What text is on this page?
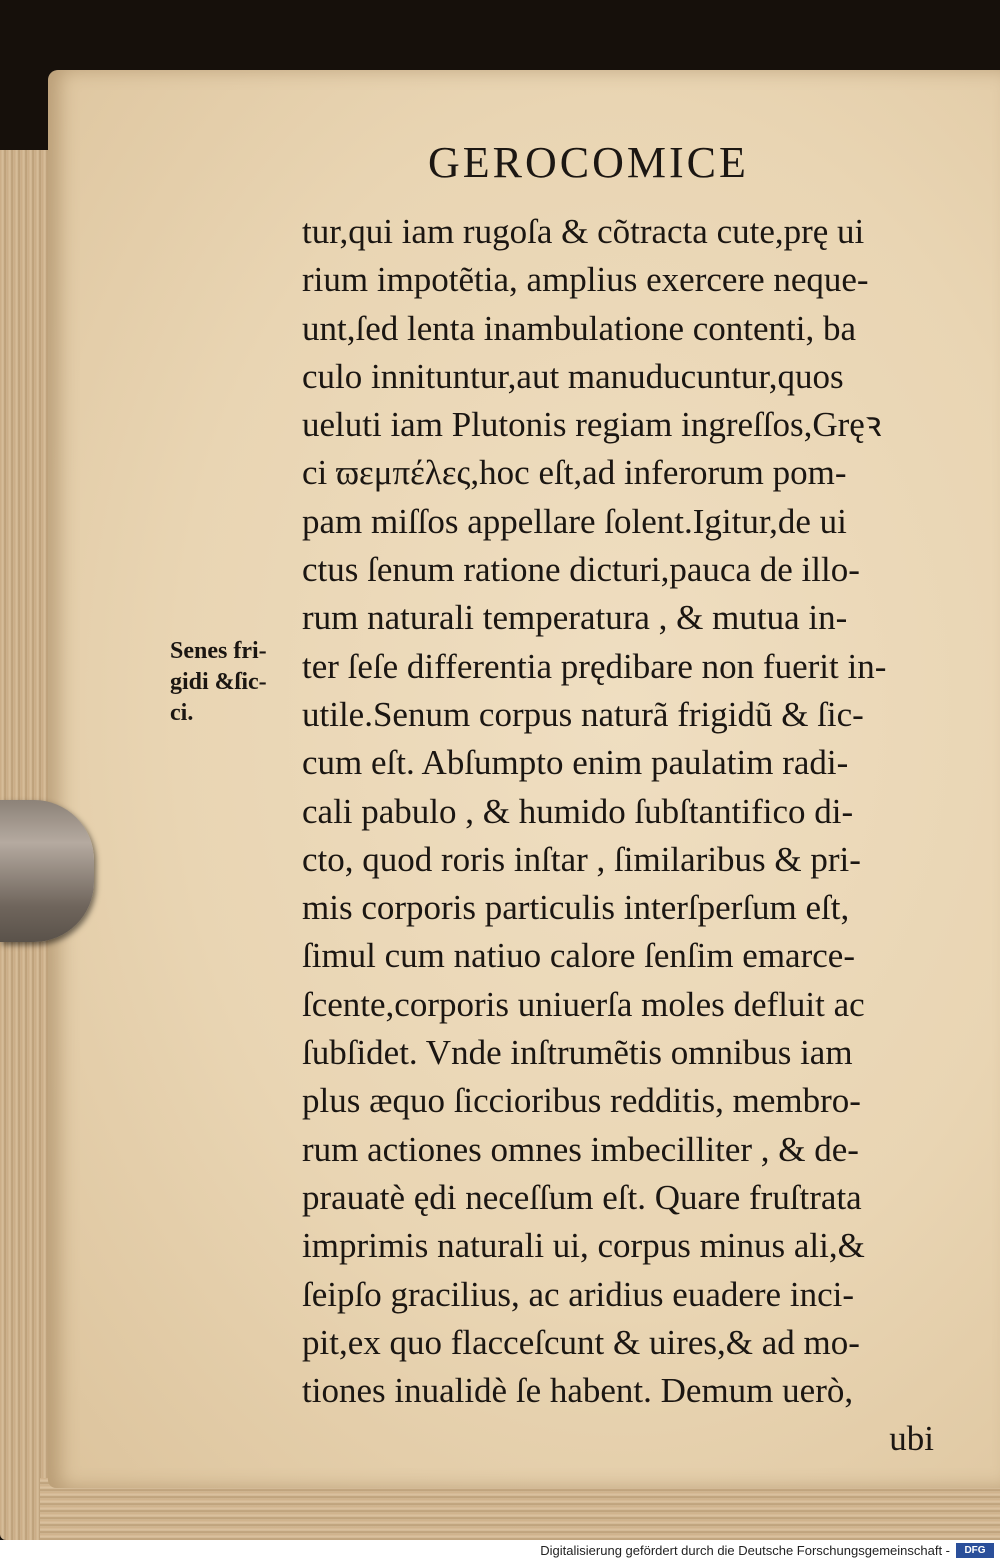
GEROCOMICE
Senes fri-
gidi &ſic-
ci.
tur,qui iam rugoſa & cõtracta cute,prę ui
rium impotẽtia, amplius exercere neque-
unt,ſed lenta inambulatione contenti, ba
culo innituntur,aut manuducuntur,quos
ueluti iam Plutonis regiam ingreſſos,Gręꝛ
ci ϖεμπέλες,hoc eſt,ad inferorum pom-
pam miſſos appellare ſolent.Igitur,de ui
ctus ſenum ratione dicturi,pauca de illo-
rum naturali temperatura , & mutua in-
ter ſeſe differentia prędibare non fuerit in-
utile.Senum corpus naturã frigidũ & ſic-
cum eſt. Abſumpto enim paulatim radi-
cali pabulo , & humido ſubſtantifico di-
cto, quod roris inſtar , ſimilaribus & pri-
mis corporis particulis interſperſum eſt,
ſimul cum natiuo calore ſenſim emarce-
ſcente,corporis uniuerſa moles defluit ac
ſubſidet. Vnde inſtrumẽtis omnibus iam
plus æquo ſiccioribus redditis, membro-
rum actiones omnes imbecilliter , & de-
prauatè ędi neceſſum eſt. Quare fruſtrata
imprimis naturali ui, corpus minus ali,&
ſeipſo gracilius, ac aridius euadere inci-
pit,ex quo flacceſcunt & uires,& ad mo-
tiones inualidè ſe habent. Demum uerò,
ubi
Digitalisierung gefördert durch die Deutsche Forschungsgemeinschaft -	DFG
